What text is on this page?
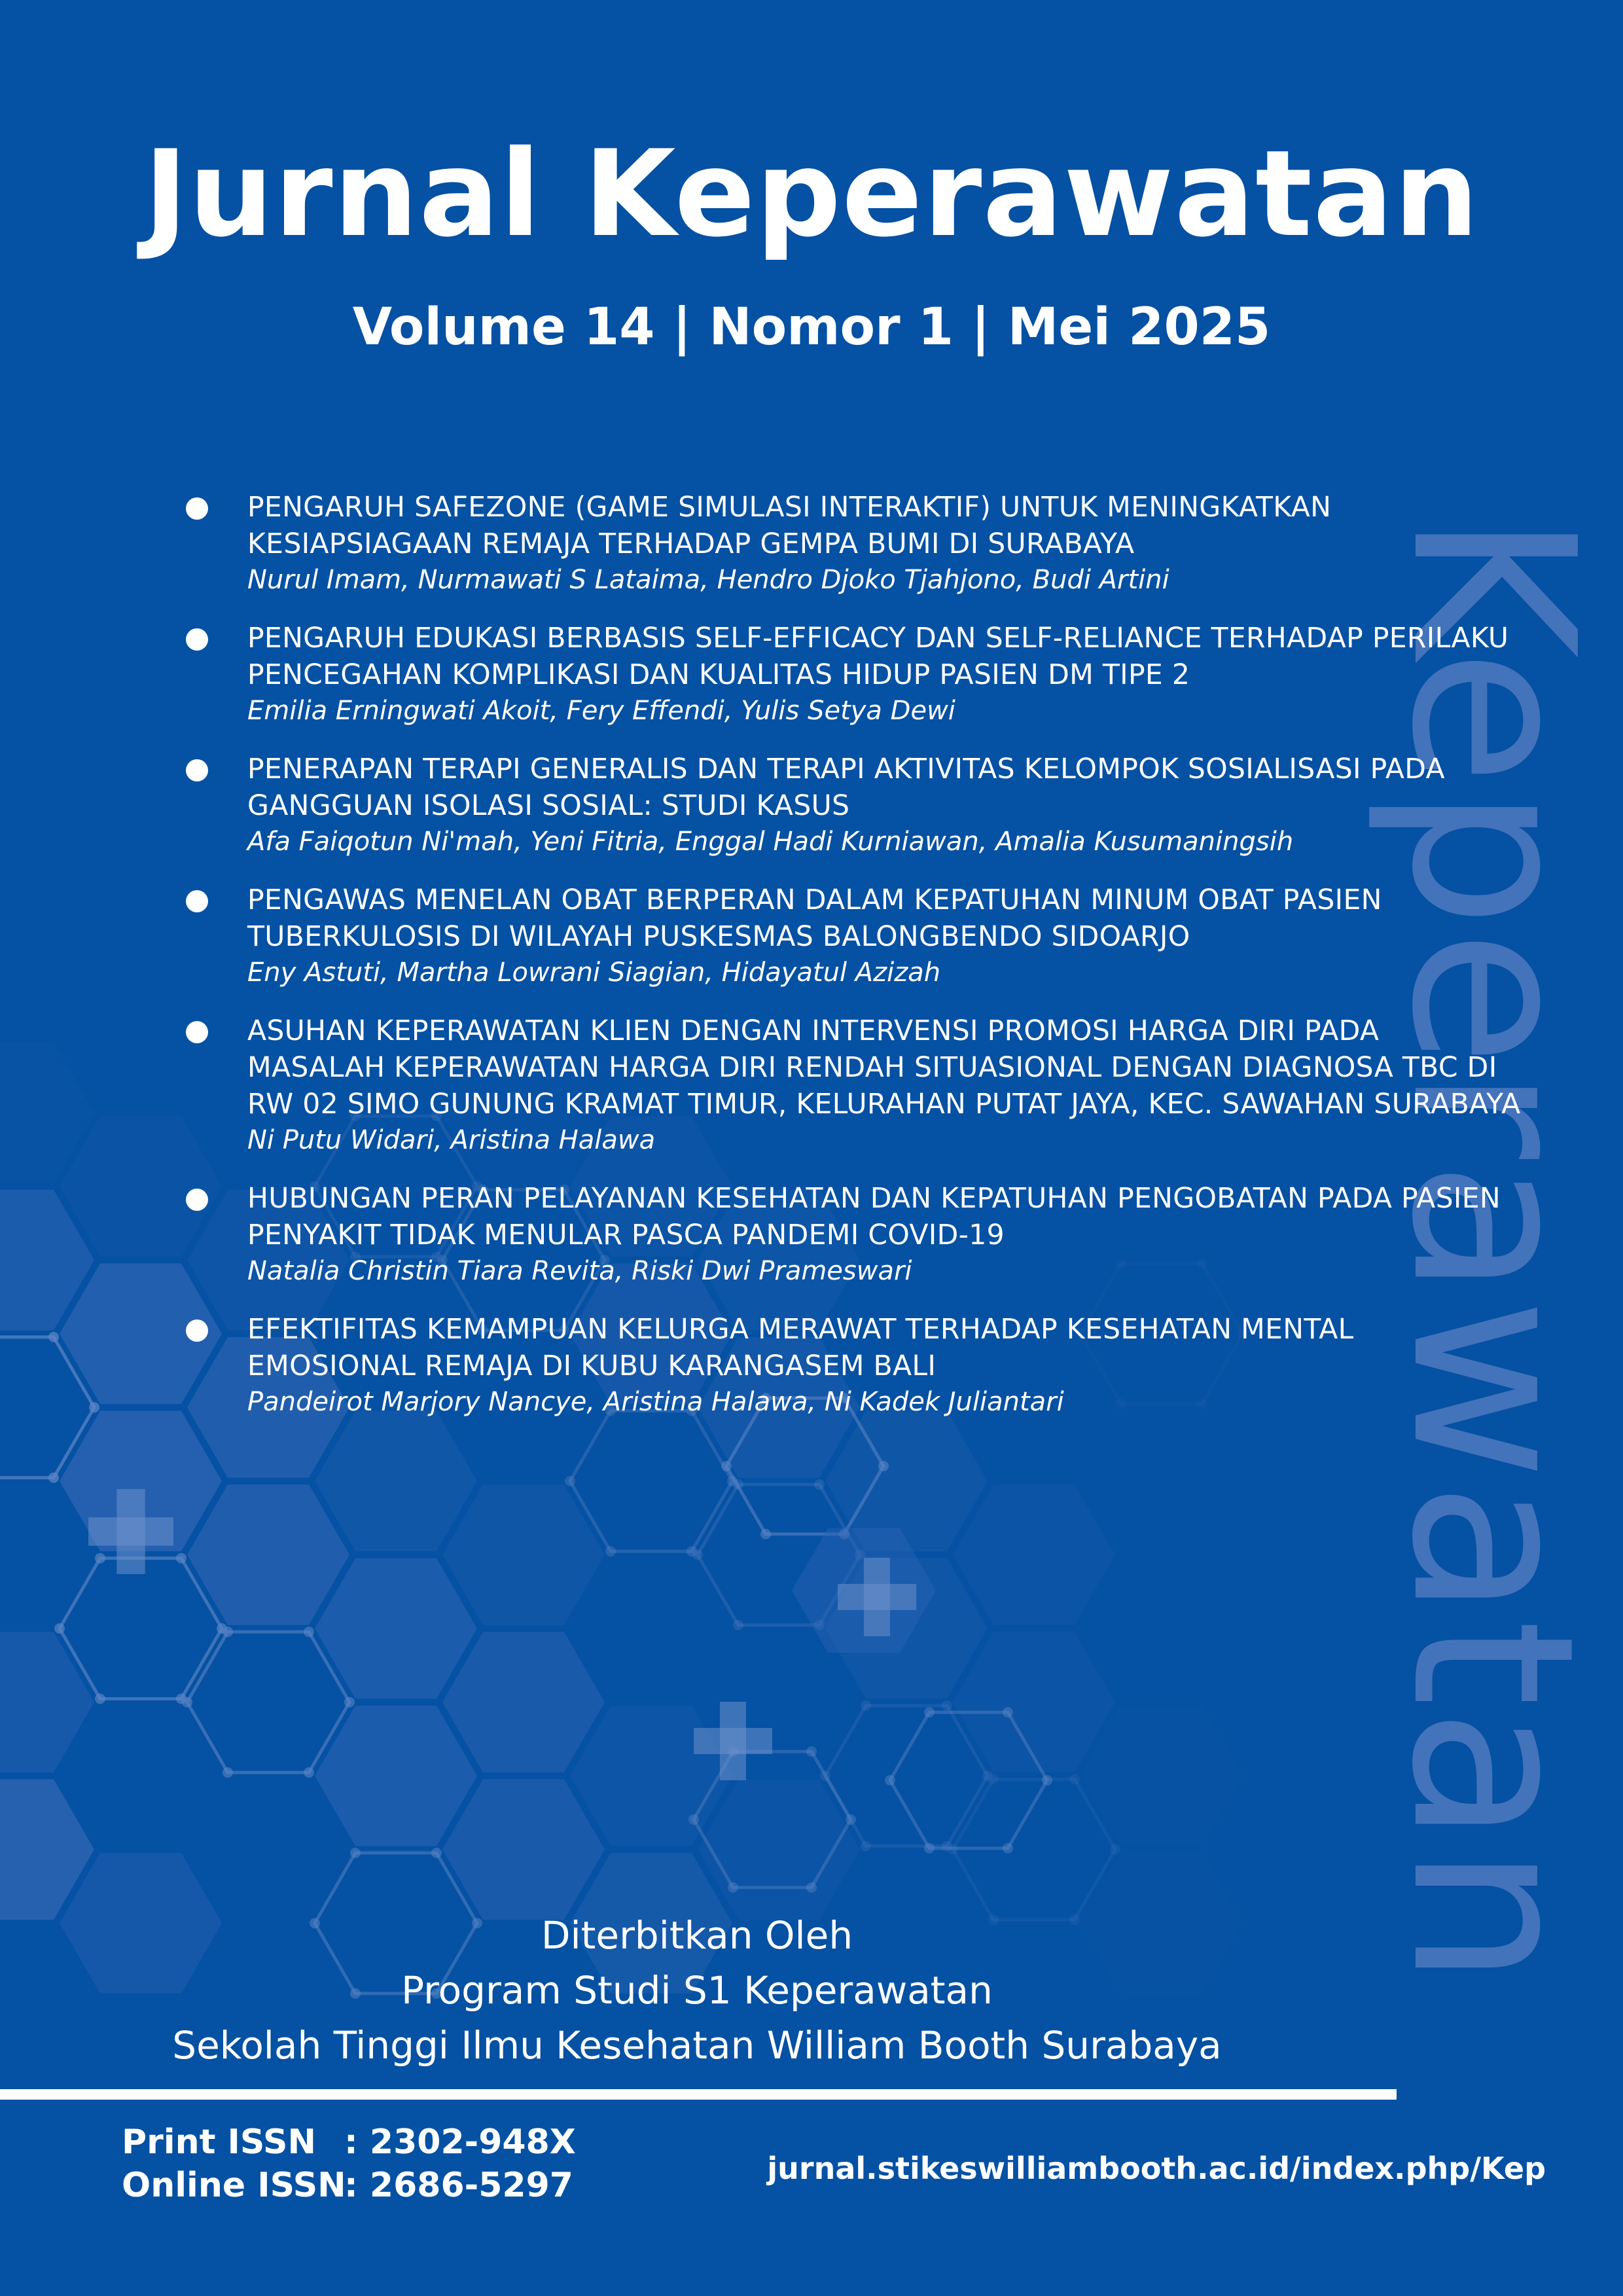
Keperawatan
Jurnal Keperawatan
Volume 14 | Nomor 1 | Mei 2025
PENGARUH SAFEZONE (GAME SIMULASI INTERAKTIF) UNTUK MENINGKATKAN KESIAPSIAGAAN REMAJA TERHADAP GEMPA BUMI DI SURABAYA
Nurul Imam, Nurmawati S Lataima, Hendro Djoko Tjahjono, Budi Artini
PENGARUH EDUKASI BERBASIS SELF-EFFICACY DAN SELF-RELIANCE TERHADAP PERILAKU PENCEGAHAN KOMPLIKASI DAN KUALITAS HIDUP PASIEN DM TIPE 2
Emilia Erningwati Akoit, Fery Effendi, Yulis Setya Dewi
PENERAPAN TERAPI GENERALIS DAN TERAPI AKTIVITAS KELOMPOK SOSIALISASI PADA GANGGUAN ISOLASI SOSIAL: STUDI KASUS
Afa Faiqotun Ni'mah, Yeni Fitria, Enggal Hadi Kurniawan, Amalia Kusumaningsih
PENGAWAS MENELAN OBAT BERPERAN DALAM KEPATUHAN MINUM OBAT PASIEN TUBERKULOSIS DI WILAYAH PUSKESMAS BALONGBENDO SIDOARJO
Eny Astuti, Martha Lowrani Siagian, Hidayatul Azizah
ASUHAN KEPERAWATAN KLIEN DENGAN INTERVENSI PROMOSI HARGA DIRI PADA MASALAH KEPERAWATAN HARGA DIRI RENDAH SITUASIONAL DENGAN DIAGNOSA TBC DI RW 02 SIMO GUNUNG KRAMAT TIMUR, KELURAHAN PUTAT JAYA, KEC. SAWAHAN SURABAYA
Ni Putu Widari, Aristina Halawa
HUBUNGAN PERAN PELAYANAN KESEHATAN DAN KEPATUHAN PENGOBATAN PADA PASIEN PENYAKIT TIDAK MENULAR PASCA PANDEMI COVID-19
Natalia Christin Tiara Revita, Riski Dwi Prameswari
EFEKTIFITAS KEMAMPUAN KELURGA MERAWAT TERHADAP KESEHATAN MENTAL EMOSIONAL REMAJA DI KUBU KARANGASEM BALI
Pandeirot Marjory Nancye, Aristina Halawa, Ni Kadek Juliantari
Diterbitkan Oleh
Program Studi S1 Keperawatan
Sekolah Tinggi Ilmu Kesehatan William Booth Surabaya
Print ISSN : 2302-948X
Online ISSN: 2686-5297	jurnal.stikeswilliambooth.ac.id/index.php/Kep
